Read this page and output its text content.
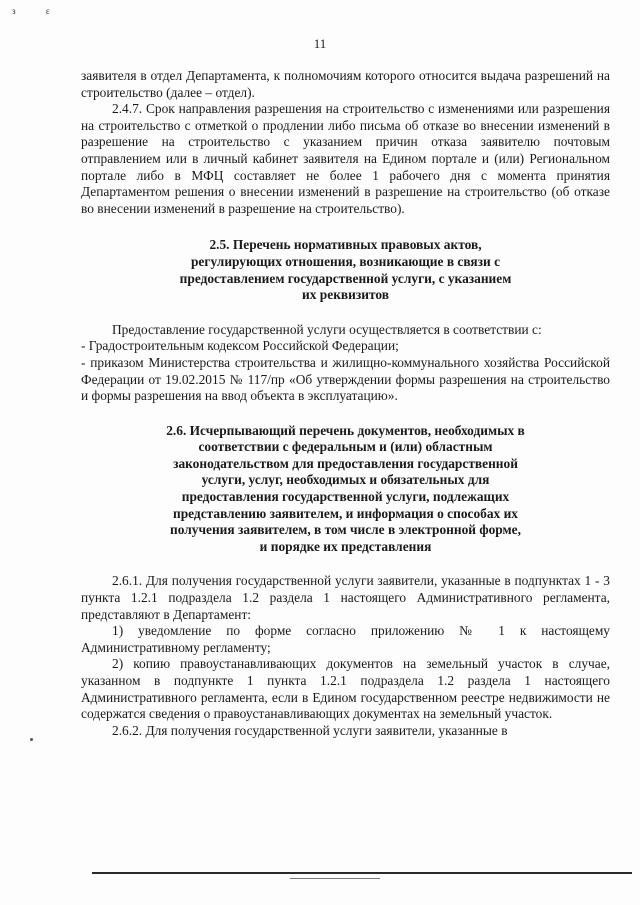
з	ε
11

заявителя в отдел Департамента, к полномочиям которого относится выдача разрешений на строительство (далее – отдел).

2.4.7. Срок направления разрешения на строительство с изменениями или разрешения на строительство с отметкой о продлении либо письма об отказе во внесении изменений в разрешение на строительство с указанием причин отказа заявителю почтовым отправлением или в личный кабинет заявителя на Едином портале и (или) Региональном портале либо в МФЦ составляет не более 1 рабочего дня с момента принятия Департаментом решения о внесении изменений в разрешение на строительство (об отказе во внесении изменений в разрешение на строительство).

2.5. Перечень нормативных правовых актов, регулирующих отношения, возникающие в связи с предоставлением государственной услуги, с указанием их реквизитов

Предоставление государственной услуги осуществляется в соответствии с:

- Градостроительным кодексом Российской Федерации;

- приказом Министерства строительства и жилищно-коммунального хозяйства Российской Федерации от 19.02.2015 № 117/пр «Об утверждении формы разрешения на строительство и формы разрешения на ввод объекта в эксплуатацию».

2.6. Исчерпывающий перечень документов, необходимых в соответствии с федеральным и (или) областным законодательством для предоставления государственной услуги, услуг, необходимых и обязательных для предоставления государственной услуги, подлежащих представлению заявителем, и информация о способах их получения заявителем, в том числе в электронной форме, и порядке их представления

2.6.1. Для получения государственной услуги заявители, указанные в подпунктах 1 - 3 пункта 1.2.1 подраздела 1.2 раздела 1 настоящего Административного регламента, представляют в Департамент:

1) уведомление по форме согласно приложению № 1 к настоящему Административному регламенту;

2) копию правоустанавливающих документов на земельный участок в случае, указанном в подпункте 1 пункта 1.2.1 подраздела 1.2 раздела 1 настоящего Административного регламента, если в Едином государственном реестре недвижимости не содержатся сведения о правоустанавливающих документах на земельный участок.

2.6.2. Для получения государственной услуги заявители, указанные в
